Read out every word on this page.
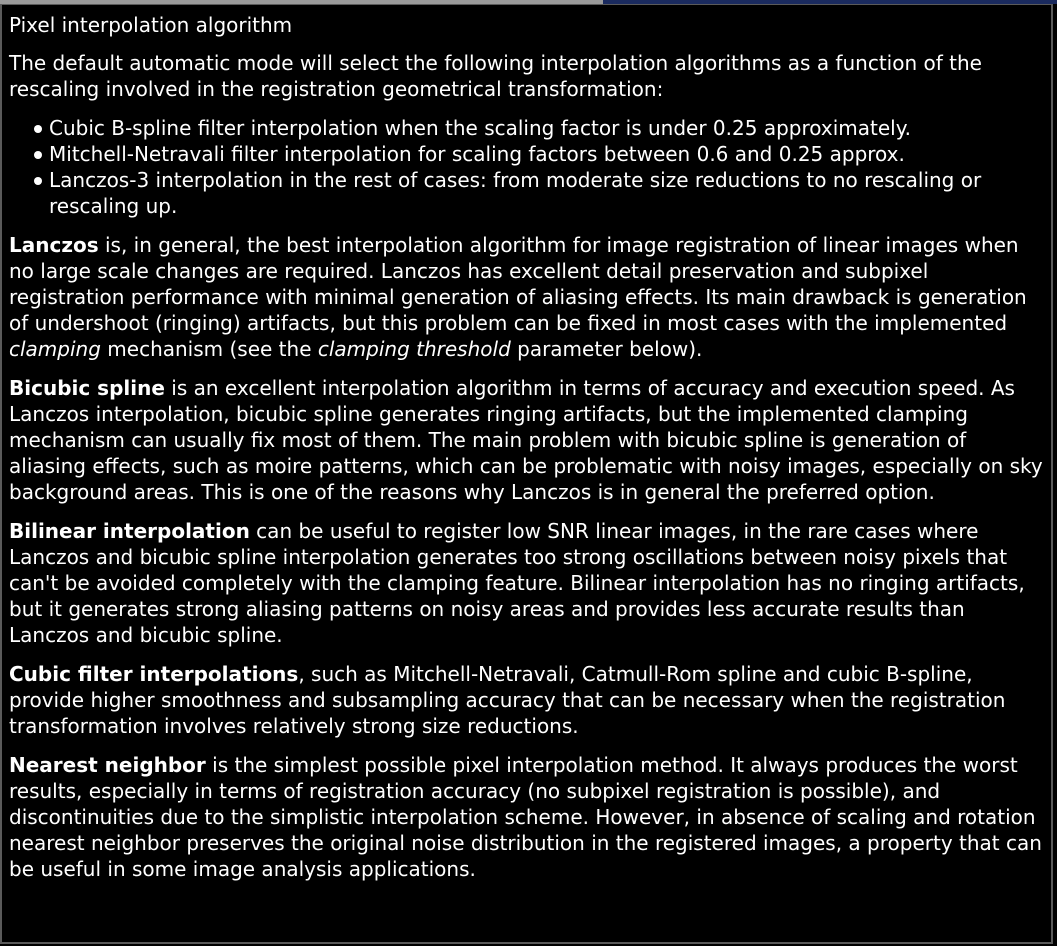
Pixel interpolation algorithm

The default automatic mode will select the following interpolation algorithms as a function of the rescaling involved in the registration geometrical transformation:

Cubic B-spline filter interpolation when the scaling factor is under 0.25 approximately.
Mitchell-Netravali filter interpolation for scaling factors between 0.6 and 0.25 approx.
Lanczos-3 interpolation in the rest of cases: from moderate size reductions to no rescaling or rescaling up.

Lanczos is, in general, the best interpolation algorithm for image registration of linear images when no large scale changes are required. Lanczos has excellent detail preservation and subpixel registration performance with minimal generation of aliasing effects. Its main drawback is generation of undershoot (ringing) artifacts, but this problem can be fixed in most cases with the implemented clamping mechanism (see the clamping threshold parameter below).

Bicubic spline is an excellent interpolation algorithm in terms of accuracy and execution speed. As Lanczos interpolation, bicubic spline generates ringing artifacts, but the implemented clamping mechanism can usually fix most of them. The main problem with bicubic spline is generation of aliasing effects, such as moire patterns, which can be problematic with noisy images, especially on sky background areas. This is one of the reasons why Lanczos is in general the preferred option.

Bilinear interpolation can be useful to register low SNR linear images, in the rare cases where Lanczos and bicubic spline interpolation generates too strong oscillations between noisy pixels that can't be avoided completely with the clamping feature. Bilinear interpolation has no ringing artifacts, but it generates strong aliasing patterns on noisy areas and provides less accurate results than Lanczos and bicubic spline.

Cubic filter interpolations, such as Mitchell-Netravali, Catmull-Rom spline and cubic B-spline, provide higher smoothness and subsampling accuracy that can be necessary when the registration transformation involves relatively strong size reductions.

Nearest neighbor is the simplest possible pixel interpolation method. It always produces the worst results, especially in terms of registration accuracy (no subpixel registration is possible), and discontinuities due to the simplistic interpolation scheme. However, in absence of scaling and rotation nearest neighbor preserves the original noise distribution in the registered images, a property that can be useful in some image analysis applications.
